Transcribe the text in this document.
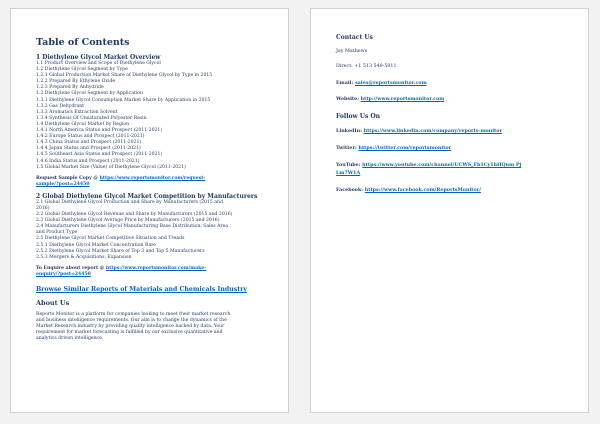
Table of Contents
1 Diethylene Glycol Market Overview
1.1 Product Overview and Scope of Diethylene Glycol
1.2 Diethylene Glycol Segment by Type
1.2.1 Global Production Market Share of Diethylene Glycol by Type in 2015
1.2.2 Prepared By Ethylene Oxide
1.2.3 Prepared By Anhydride
1.3 Diethylene Glycol Segment by Application
1.3.1 Diethylene Glycol Consumption Market Share by Application in 2015
1.3.2 Gas Dehydrant
1.3.3 Aromatics Extraction Solvent
1.3.4 Synthesis Of Unsaturated Polyester Resin
1.4 Diethylene Glycol Market by Region
1.4.1 North America Status and Prospect (2011-2021)
1.4.2 Europe Status and Prospect (2011-2021)
1.4.3 China Status and Prospect (2011-2021)
1.4.4 Japan Status and Prospect (2011-2021)
1.4.5 Southeast Asia Status and Prospect (2011-2021)
1.4.6 India Status and Prospect (2011-2021)
1.5 Global Market Size (Value) of Diethylene Glycol (2011-2021)
Request Sample Copy @ https://www.reportsmonitor.com/request-
sample/?post=24450
2 Global Diethylene Glycol Market Competition by Manufacturers
2.1 Global Diethylene Glycol Production and Share by Manufacturers (2015 and
2016)
2.2 Global Diethylene Glycol Revenue and Share by Manufacturers (2015 and 2016)
2.3 Global Diethylene Glycol Average Price by Manufacturers (2015 and 2016)
2.4 Manufacturers Diethylene Glycol Manufacturing Base Distribution, Sales Area
and Product Type
2.5 Diethylene Glycol Market Competitive Situation and Trends
2.5.1 Diethylene Glycol Market Concentration Rate
2.5.2 Diethylene Glycol Market Share of Top 3 and Top 5 Manufacturers
2.5.3 Mergers & Acquisitions, Expansion
To Enquire about report @ https://www.reportsmonitor.com/make-
enquiry/?post=24450
Browse Similar Reports of Materials and Chemicals Industry
About Us
Reports Monitor is a platform for companies looking to meet their market research
and business intelligence requirements. Our aim is to change the dynamics of the
Market Research industry by providing quality intelligence backed by data. Your
requirement for market forecasting is fulfilled by our exclusive quantitative and
analytics driven intelligence.
Contact Us
Jay Mathews
Direct: +1 513 549-5911
Email: sales@reportsmonitor.com
Website: http://www.reportsmonitor.com
Follow Us On
LinkedIn: https://www.linkedin.com/company/reports-monitor
Twitter: https://twitter.com/reportsmonitor
YouTube: https://www.youtube.com/channel/UCWS_Fb1Cy1bHQum Pj
Lm7W1A
Facebook: https://www.facebook.com/ReportsMonitor/
